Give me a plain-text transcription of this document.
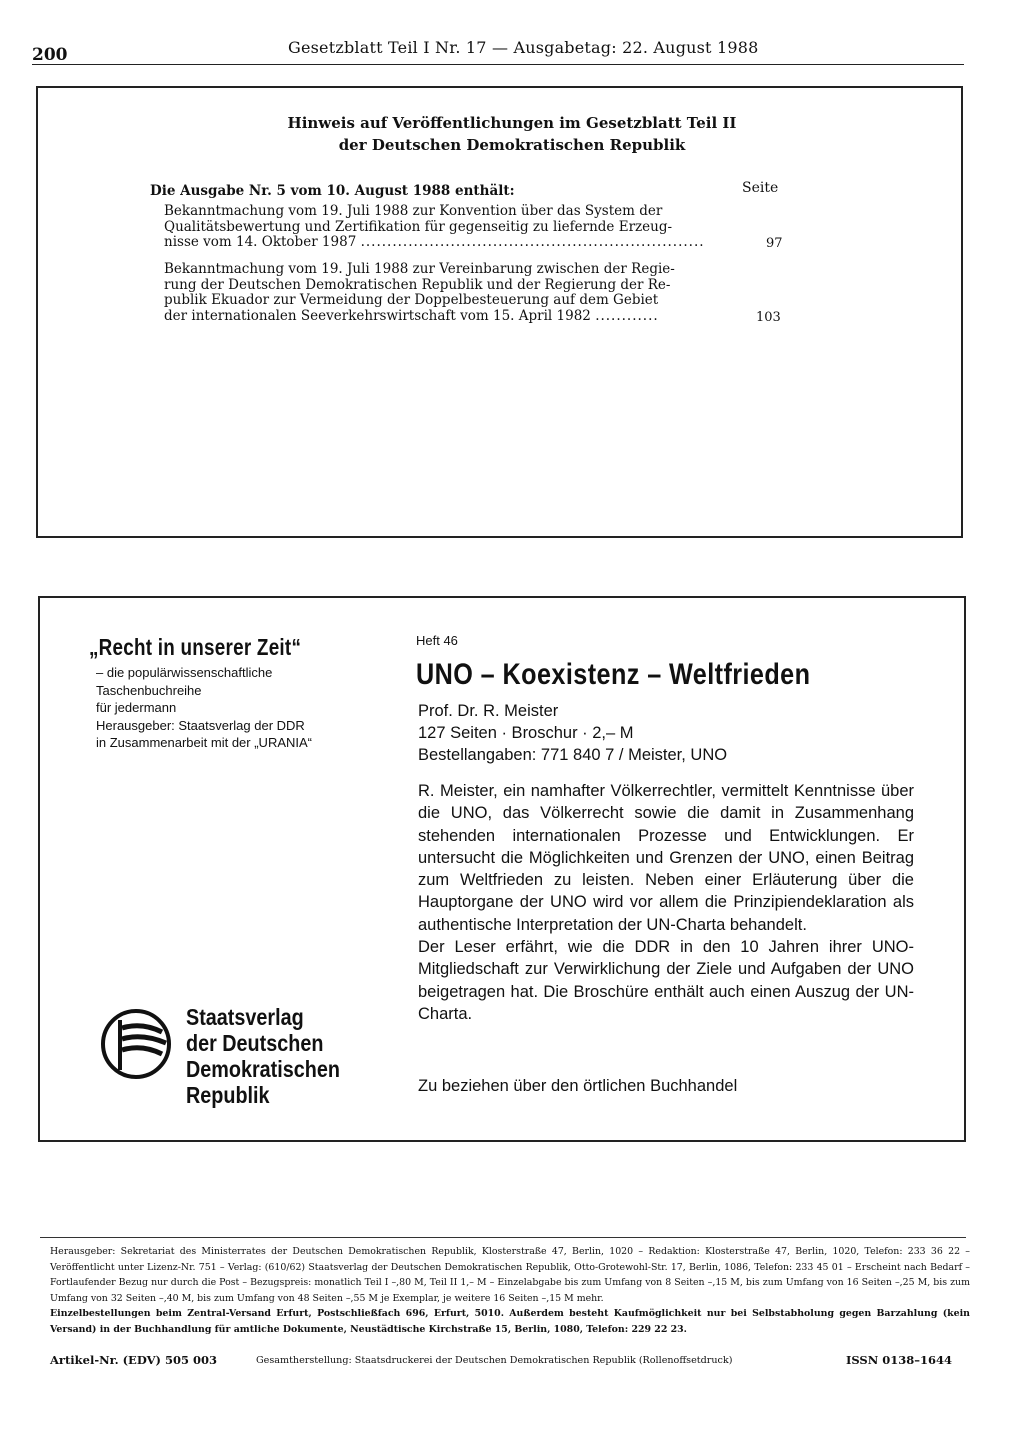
200	Gesetzblatt Teil I Nr. 17 — Ausgabetag: 22. August 1988
Hinweis auf Veröffentlichungen im Gesetzblatt Teil II
der Deutschen Demokratischen Republik
Die Ausgabe Nr. 5 vom 10. August 1988 enthält:	Seite
Bekanntmachung vom 19. Juli 1988 zur Konvention über das System der
Qualitätsbewertung und Zertifikation für gegenseitig zu liefernde Erzeug-
nisse vom 14. Oktober 1987 .................................................................	97
Bekanntmachung vom 19. Juli 1988 zur Vereinbarung zwischen der Regie-
rung der Deutschen Demokratischen Republik und der Regierung der Re-
publik Ekuador zur Vermeidung der Doppelbesteuerung auf dem Gebiet
der internationalen Seeverkehrswirtschaft vom 15. April 1982 ............	103
„Recht in unserer Zeit“
– die populärwissenschaftliche
Taschenbuchreihe
für jedermann
Herausgeber: Staatsverlag der DDR
in Zusammenarbeit mit der „URANIA“
Heft 46
UNO – Koexistenz – Weltfrieden
Prof. Dr. R. Meister
127 Seiten · Broschur · 2,– M
Bestellangaben: 771 840 7 / Meister, UNO

R. Meister, ein namhafter Völkerrechtler, vermittelt Kenntnisse über die UNO, das Völkerrecht sowie die damit in Zusammenhang stehenden internationalen Prozesse und Entwicklungen. Er untersucht die Möglichkeiten und Grenzen der UNO, einen Beitrag zum Weltfrieden zu leisten. Neben einer Erläuterung über die Hauptorgane der UNO wird vor allem die Prinzipiendeklaration als authentische Interpretation der UN-Charta behandelt.

Der Leser erfährt, wie die DDR in den 10 Jahren ihrer UNO-Mitgliedschaft zur Verwirklichung der Ziele und Aufgaben der UNO beigetragen hat. Die Broschüre enthält auch einen Auszug der UN-Charta.

Zu beziehen über den örtlichen Buchhandel
Staatsverlag
der Deutschen
Demokratischen
Republik

Herausgeber: Sekretariat des Ministerrates der Deutschen Demokratischen Republik, Klosterstraße 47, Berlin, 1020 – Redaktion: Klosterstraße 47, Berlin, 1020, Telefon: 233 36 22 – Veröffentlicht unter Lizenz-Nr. 751 – Verlag: (610/62) Staatsverlag der Deutschen Demokratischen Republik, Otto-Grotewohl-Str. 17, Berlin, 1086, Telefon: 233 45 01 – Erscheint nach Bedarf – Fortlaufender Bezug nur durch die Post – Bezugspreis: monatlich Teil I –,80 M, Teil II 1,– M – Einzelabgabe bis zum Umfang von 8 Seiten –,15 M, bis zum Umfang von 16 Seiten –,25 M, bis zum Umfang von 32 Seiten –,40 M, bis zum Umfang von 48 Seiten –,55 M je Exemplar, je weitere 16 Seiten –,15 M mehr.

Einzelbestellungen beim Zentral-Versand Erfurt, Postschließfach 696, Erfurt, 5010. Außerdem besteht Kaufmöglichkeit nur bei Selbstabholung gegen Barzahlung (kein Versand) in der Buchhandlung für amtliche Dokumente, Neustädtische Kirchstraße 15, Berlin, 1080, Telefon: 229 22 23.

Artikel-Nr. (EDV) 505 003	Gesamtherstellung: Staatsdruckerei der Deutschen Demokratischen Republik (Rollenoffsetdruck)	ISSN 0138–1644
